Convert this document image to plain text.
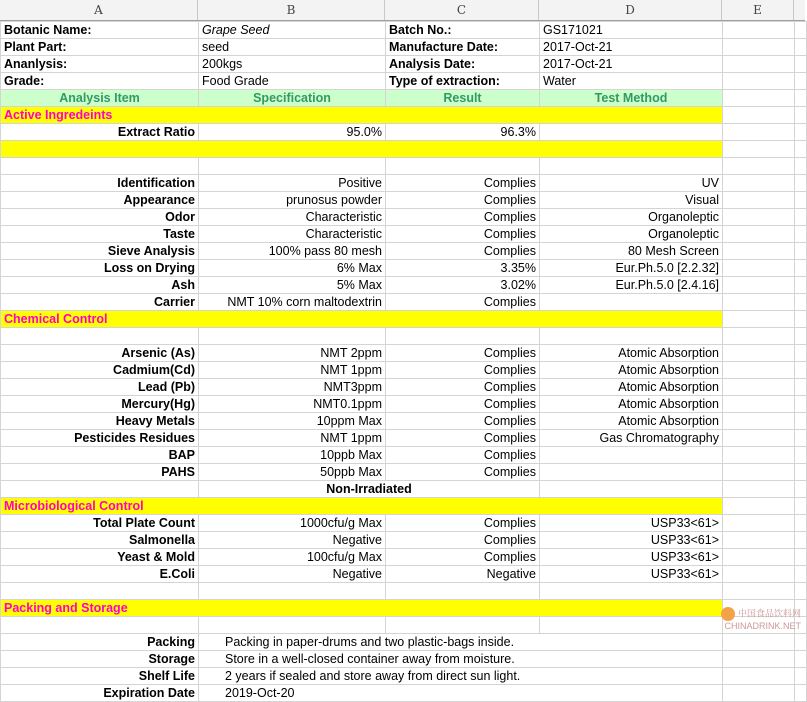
A	B	C	D	E
Botanic Name:	Grape Seed	Batch No.:	GS171021		
Plant Part:	seed	Manufacture Date:	2017-Oct-21		
Ananlysis:	200kgs	Analysis Date:	2017-Oct-21		
Grade:	Food Grade	Type of extraction:	Water		
Analysis Item	Specification	Result	Test Method		
Active Ingredeints					
Extract Ratio	95.0%	96.3%			

Identification	Positive	Complies	UV		
Appearance	prunosus powder	Complies	Visual		
Odor	Characteristic	Complies	Organoleptic		
Taste	Characteristic	Complies	Organoleptic		
Sieve Analysis	100% pass 80 mesh	Complies	80 Mesh Screen		
Loss on Drying	6% Max	3.35%	Eur.Ph.5.0 [2.2.32]		
Ash	5% Max	3.02%	Eur.Ph.5.0 [2.4.16]		
Carrier	NMT 10% corn maltodextrin	Complies			
Chemical Control					

Arsenic (As)	NMT 2ppm	Complies	Atomic Absorption		
Cadmium(Cd)	NMT 1ppm	Complies	Atomic Absorption		
Lead (Pb)	NMT3ppm	Complies	Atomic Absorption		
Mercury(Hg)	NMT0.1ppm	Complies	Atomic Absorption		
Heavy Metals	10ppm Max	Complies	Atomic Absorption		
Pesticides Residues	NMT 1ppm	Complies	Gas Chromatography		
BAP	10ppb Max	Complies			
PAHS	50ppb Max	Complies			
	Non-Irradiated				
Microbiological Control					
Total Plate Count	1000cfu/g Max	Complies	USP33<61>		
Salmonella	Negative	Complies	USP33<61>		
Yeast & Mold	100cfu/g Max	Complies	USP33<61>		
E.Coli	Negative	Negative	USP33<61>		

Packing and Storage					

Packing	Packing in paper-drums and two plastic-bags inside.				
Storage	Store in a well-closed container away from moisture.				
Shelf Life	2 years if sealed and store away from direct sun light.				
Expiration Date	2019-Oct-20				
中国食品饮料网
CHINADRINK.NET
